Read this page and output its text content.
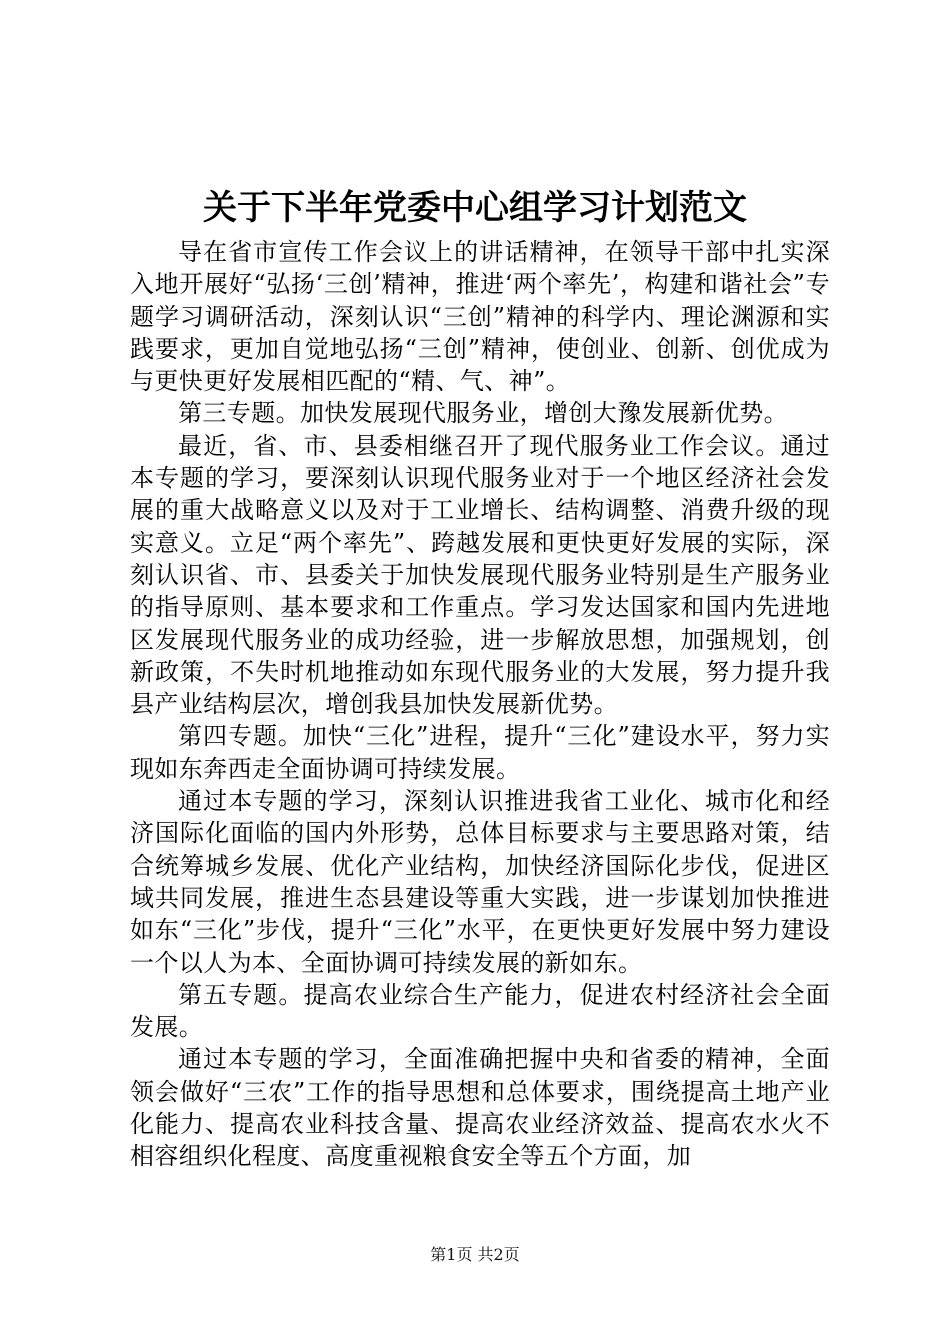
关于下半年党委中心组学习计划范文

导在省市宣传工作会议上的讲话精神，在领导干部中扎实深入地开展好“弘扬‘三创’精神，推进‘两个率先’，构建和谐社会”专题学习调研活动，深刻认识“三创”精神的科学内、理论渊源和实践要求，更加自觉地弘扬“三创”精神，使创业、创新、创优成为与更快更好发展相匹配的“精、气、神”。

第三专题。加快发展现代服务业，增创大豫发展新优势。

最近，省、市、县委相继召开了现代服务业工作会议。通过本专题的学习，要深刻认识现代服务业对于一个地区经济社会发展的重大战略意义以及对于工业增长、结构调整、消费升级的现实意义。立足“两个率先”、跨越发展和更快更好发展的实际，深刻认识省、市、县委关于加快发展现代服务业特别是生产服务业的指导原则、基本要求和工作重点。学习发达国家和国内先进地区发展现代服务业的成功经验，进一步解放思想，加强规划，创新政策，不失时机地推动如东现代服务业的大发展，努力提升我县产业结构层次，增创我县加快发展新优势。

第四专题。加快“三化”进程，提升“三化”建设水平，努力实现如东奔西走全面协调可持续发展。

通过本专题的学习，深刻认识推进我省工业化、城市化和经济国际化面临的国内外形势，总体目标要求与主要思路对策，结合统筹城乡发展、优化产业结构，加快经济国际化步伐，促进区域共同发展，推进生态县建设等重大实践，进一步谋划加快推进如东“三化”步伐，提升“三化”水平，在更快更好发展中努力建设一个以人为本、全面协调可持续发展的新如东。

第五专题。提高农业综合生产能力，促进农村经济社会全面发展。

通过本专题的学习，全面准确把握中央和省委的精神，全面领会做好“三农”工作的指导思想和总体要求，围绕提高土地产业化能力、提高农业科技含量、提高农业经济效益、提高农水火不相容组织化程度、高度重视粮食安全等五个方面，加

第1页 共2页
